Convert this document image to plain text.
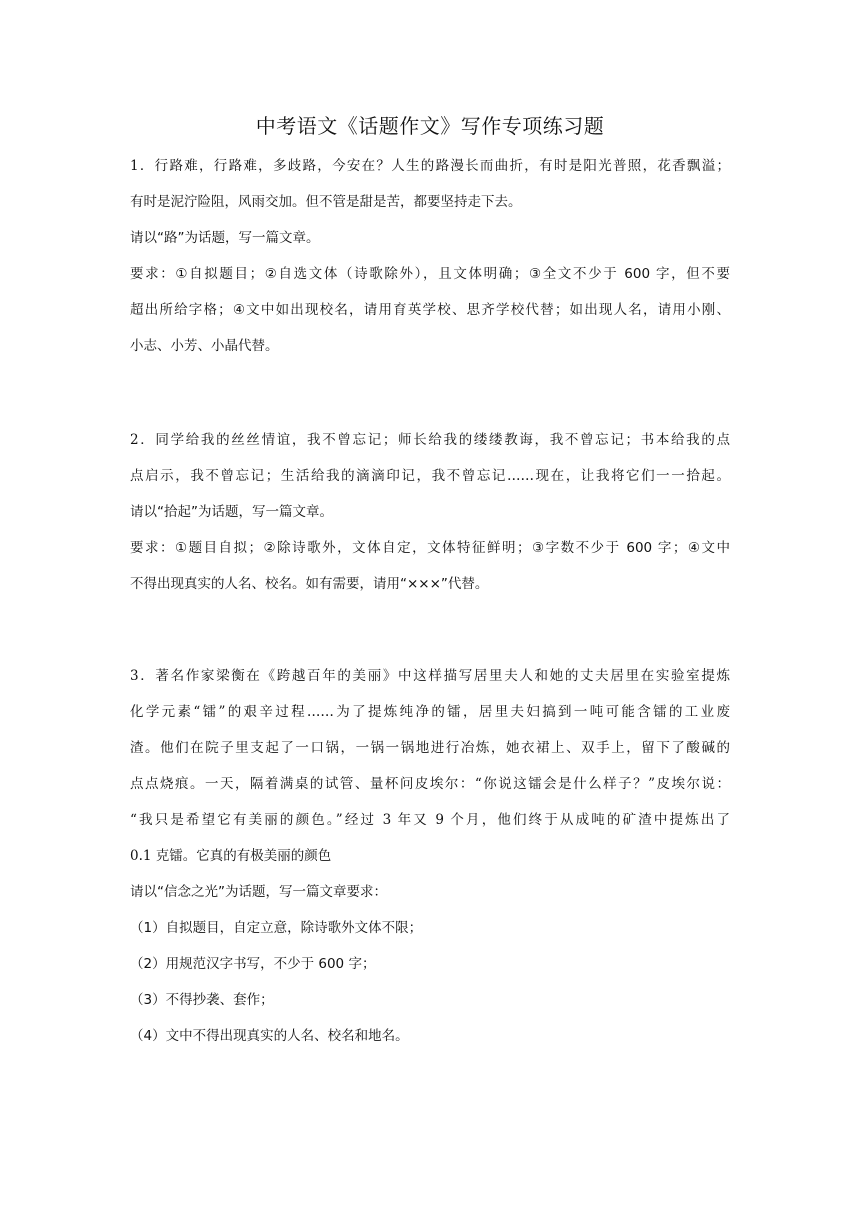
中考语文《话题作文》写作专项练习题
1．行路难，行路难，多歧路，今安在？人生的路漫长而曲折，有时是阳光普照，花香飘溢；
有时是泥泞险阻，风雨交加。但不管是甜是苦，都要坚持走下去。
请以“路”为话题，写一篇文章。
要求：①自拟题目；②自选文体（诗歌除外），且文体明确；③全文不少于 600 字，但不要
超出所给字格；④文中如出现校名，请用育英学校、思齐学校代替；如出现人名，请用小刚、
小志、小芳、小晶代替。
2．同学给我的丝丝情谊，我不曾忘记；师长给我的缕缕教诲，我不曾忘记；书本给我的点
点启示，我不曾忘记；生活给我的滴滴印记，我不曾忘记……现在，让我将它们一一拾起。
请以“拾起”为话题，写一篇文章。
要求：①题目自拟；②除诗歌外，文体自定，文体特征鲜明；③字数不少于 600 字；④文中
不得出现真实的人名、校名。如有需要，请用“×××”代替。
3．著名作家梁衡在《跨越百年的美丽》中这样描写居里夫人和她的丈夫居里在实验室提炼
化学元素“镭”的艰辛过程……为了提炼纯净的镭，居里夫妇搞到一吨可能含镭的工业废
渣。他们在院子里支起了一口锅，一锅一锅地进行冶炼，她衣裙上、双手上，留下了酸碱的
点点烧痕。一天，隔着满桌的试管、量杯问皮埃尔：“你说这镭会是什么样子？”皮埃尔说：
“我只是希望它有美丽的颜色。”经过 3 年又 9 个月，他们终于从成吨的矿渣中提炼出了
0.1 克镭。它真的有极美丽的颜色
请以“信念之光”为话题，写一篇文章要求：
（1）自拟题目，自定立意，除诗歌外文体不限；
（2）用规范汉字书写，不少于 600 字；
（3）不得抄袭、套作；
（4）文中不得出现真实的人名、校名和地名。
